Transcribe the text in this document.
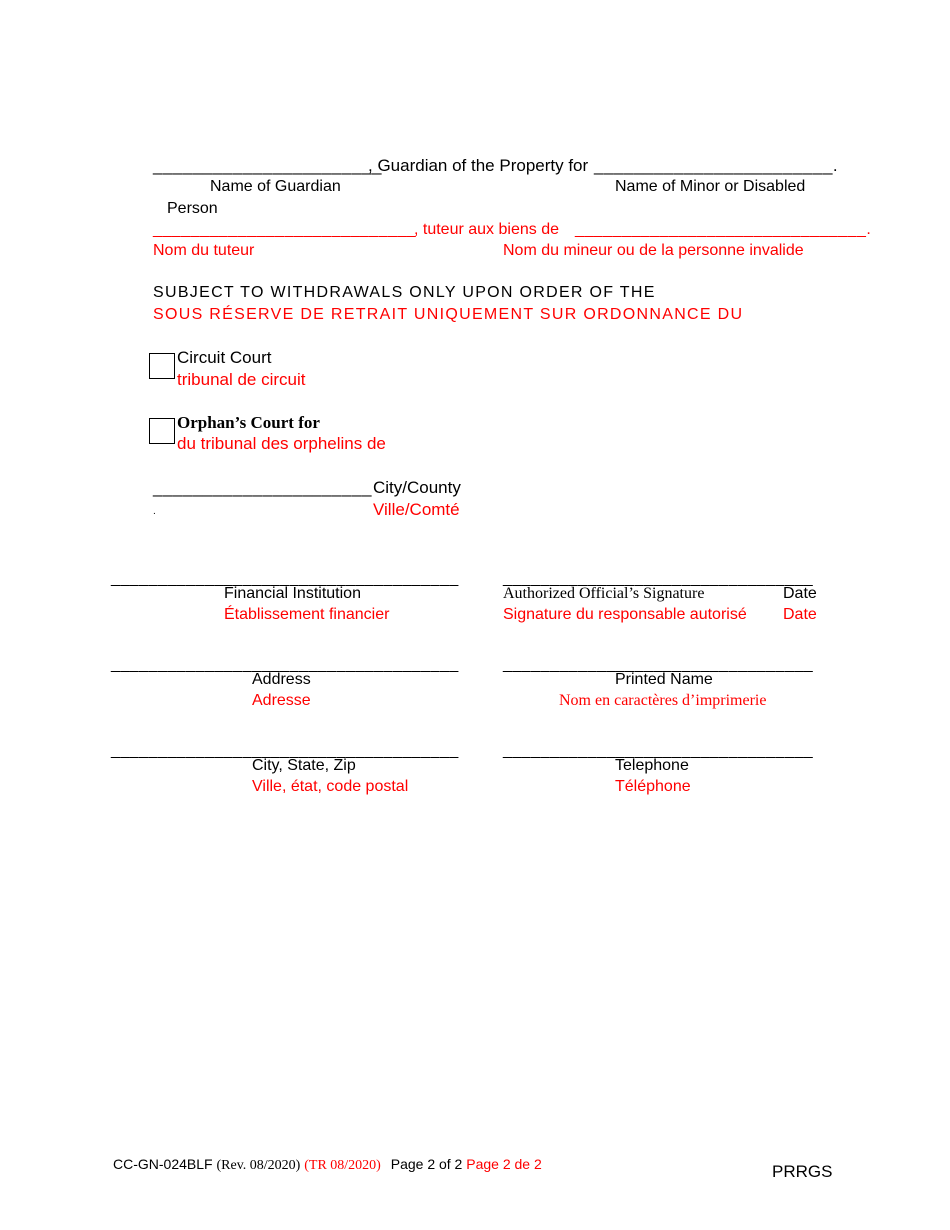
_______________________
, Guardian of the Property for ________________________.
Name of Guardian	Name of Minor or Disabled
Person
____________________________
, tuteur aux biens de _______________________________.
Nom du tuteur	Nom du mineur ou de la personne invalide
SUBJECT TO WITHDRAWALS ONLY UPON ORDER OF THE
SOUS RÉSERVE DE RETRAIT UNIQUEMENT SUR ORDONNANCE DU
Circuit Court
tribunal de circuit
Orphan’s Court for
du tribunal des orphelins de
______________________ City/County
Ville/Comté
.
_____________________________________	_________________________________
Financial Institution	Authorized Official’s Signature	Date
Établissement financier	Signature du responsable autorisé Date
_____________________________________	_________________________________
Address	Printed Name
Adresse	Nom en caractères d’imprimerie
_____________________________________	_________________________________
City, State, Zip	Telephone
Ville, état, code postal	Téléphone
CC-GN-024BLF (Rev. 08/2020) (TR 08/2020) Page 2 of 2 Page 2 de 2	PRRGS
